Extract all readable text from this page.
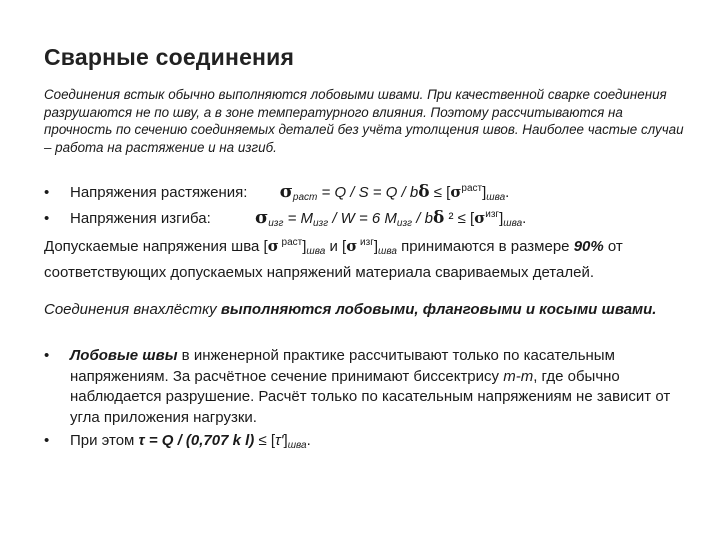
Сварные соединения
Соединения встык обычно выполняются лобовыми швами. При качественной сварке соединения разрушаются не по шву, а в зоне температурного влияния. Поэтому рассчитываются на прочность по сечению соединяемых деталей без учёта утолщения швов. Наиболее частые случаи – работа на растяжение и на изгиб.
• Напряжения растяжения: $\sigma_{раст} = Q / S = Q / b\delta \le [\sigma^{раст}]_{шва}$.
• Напряжения изгиба: $\sigma_{изг} = M_{изг} / W = 6$ $M_{изг}$ / bδ $^2 \le [\sigma^{изг}]_{шва}$.
Допускаемые напряжения шва [σ $^{раст}]_{шва}$ и [σ $^{изг}]_{шва}$ принимаются в размере 90% от соответствующих допускаемых напряжений материала свариваемых деталей.
Соединения внахлёстку выполняются лобовыми, фланговыми и косыми швами.
• Лобовые швы в инженерной практике рассчитывают только по касательным напряжениям. За расчётное сечение принимают биссектрису m-m, где обычно наблюдается разрушение. Расчёт только по касательным напряжениям не зависит от угла приложения нагрузки.
• При этом τ = Q / (0,707 k $l) \le [\tau']_{шва}$.
